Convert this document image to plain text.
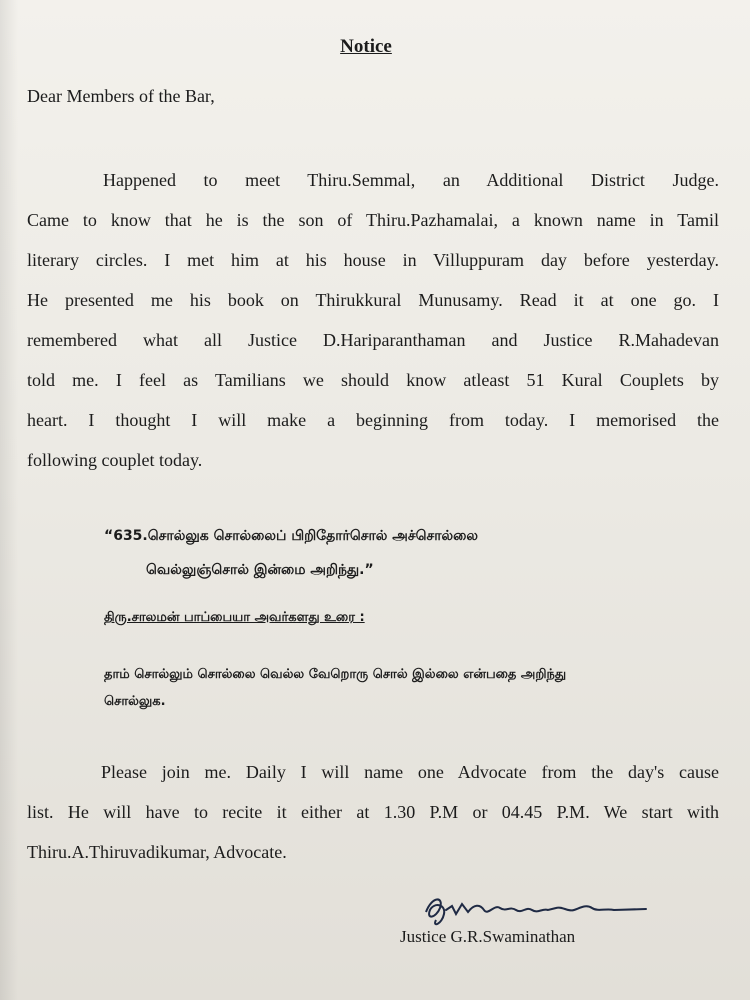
Notice
Dear Members of the Bar,
Happened to meet Thiru.Semmal, an Additional District Judge.
Came to know that he is the son of Thiru.Pazhamalai, a known name in Tamil
literary circles. I met him at his house in Villuppuram day before yesterday.
He presented me his book on Thirukkural Munusamy. Read it at one go. I
remembered what all Justice D.Hariparanthaman and Justice R.Mahadevan
told me. I feel as Tamilians we should know atleast 51 Kural Couplets by
heart. I thought I will make a beginning from today. I memorised the
following couplet today.
“635.சொல்லுக சொல்லைப் பிறிதோர்சொல் அச்சொல்லை
வெல்லுஞ்சொல் இன்மை அறிந்து.”
திரு.சாலமன் பாப்பையா அவர்களது உரை :
தாம் சொல்லும் சொல்லை வெல்ல வேறொரு சொல் இல்லை என்பதை அறிந்து
சொல்லுக.
Please join me. Daily I will name one Advocate from the day's cause
list. He will have to recite it either at 1.30 P.M or 04.45 P.M. We start with
Thiru.A.Thiruvadikumar, Advocate.
Justice G.R.Swaminathan
